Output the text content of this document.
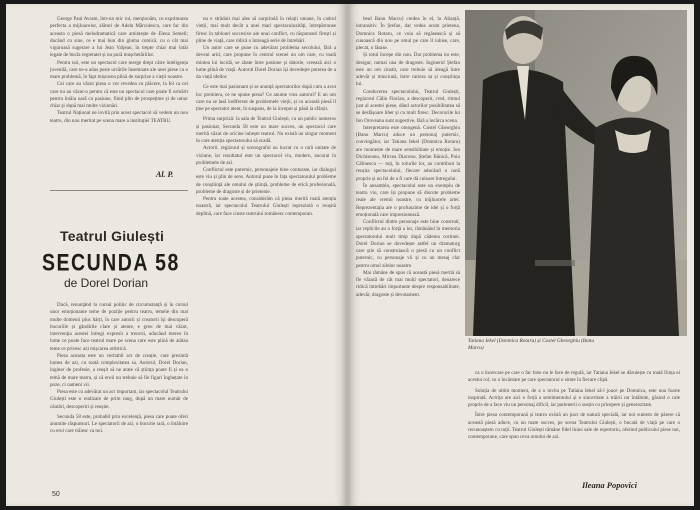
George Paul Avram, într-un mic rol, menționăm, cu exprimarea perfecta a mijloacelor, alături de Adela Mărculescu, care fac din aceasta o piesă melodramatică care amintește de Elena Semeli; ducând cu sine, ce e mai bun din gluma comică, cu o cât mai viguroasă sugerare a lui Jean Valjean, în trepte chiar mai întâi legate de bucla regretatei și nu pură mușchetăriilor.

Pentru noi, este un spectacol care merge drept către inteligența juvenilă, care ne-a adus peste urcările însemnate ale unei piese cu o mare problemă, în fapt mișcarea plină de surprize a vieții noastre.

Cei care au văzut piesa o vor revedea cu plăcere, la fel ca cei care nu au văzut-o pentru că este un spectacol care poate fi urmărit pentru întâia oară cu pasiune, fiind plin de prospețime și de umor chiar și după mai multe vizionări.

Teatrul Național ne invită prin acest spectacol să vedem un nou teatru, din nou meritat pe scena mare a instituției TEATRU.

Al. P.
Teatrul Giulești
SECUNDA 58
de Dorel Dorian

Dacă, renunțând la cursul politic de circumstanță și în cursul unor emoționante teme de poziție pentru teatru, temele din mai multe domenii plus hărți, în care autorii și creatorii își descoperă bucuriile și gândirile clare și atente, e greu de mai văzut, intervenția acestei întregi expresii a trecerii, aducând mereu în lume ce poate face teatrul mare pe scena care este plină de atâtea teme ce privesc azi mișcarea artistică.

Piesa aceasta este un veritabil act de creație, care prezintă lumea de azi, cu toată complexitatea sa. Autorul, Dorel Dorian, inginer de profesie, a reușit să ne arate că știința poate fi și ea o temă de mare teatru, și că eroii nu trebuie să fie figuri înghețate în poze, ci oameni vii.

Piesa este cu adevărat un act important, iar spectacolul Teatrului Giulești este o realizare de prim rang, după un mare număr de căutări, descoperiri și reușite.

Secunda 58 este, probabil prin excelență, piesa care poate oferi anumite răspunsuri. Le spectatorii de azi, o bucurie rară, o întâlnire cu eroi care trăiesc ca noi.

nu e străduit mai ales să surprindă în relații umane, în cadrul vieții, mai mult decât a unei mari spectaculozități, întrepătrunse firesc în tablouri succesive ale unui conflict, cu răspunsuri firești și pline de viață, care ridică o întreagă serie de întrebări.

Un autor care se pune cu adevărat problema secolului, fără a deveni arid, care propune în centrul scenei un om care, cu toată mintea lui lucidă, se zbate între pasiune și datorie, creează aici o lume plină de viață. Autorul Dorel Dorian își dovedește puterea de a da viață ideilor.

Ce este mai pasionant și se anunță spectatorilor după cum a avut loc premiera, ce ne spune piesa? Ce anume vrea autorul? E un om care nu se lasă indiferent de problemele vieții, și cu această piesă îl ține pe spectator atent, în suspans, de la început și până la sfârșit.

Prima surpriză: la sala de Teatrul Giulești, cu un public numeros și pasionat, Secunda 58 este un mare succes, un spectacol care merită văzut de oricine iubește teatrul. Nu există un singur moment în care atenția spectatorului să scadă.

Actorii, regizorul și scenograful au lucrat cu o rară unitate de viziune, iar rezultatul este un spectacol viu, modern, ancorat în problemele de azi.

Conflictul este puternic, personajele bine conturate, iar dialogul este viu și plin de sens. Autorul pune în fața spectatorului probleme de conștiință ale omului de știință, probleme de etică profesională, probleme de dragoste și de prietenie.

Pentru toate acestea, considerăm că piesa merită toată atenția noastră, iar spectacolul Teatrului Giulești reprezintă o reușită deplină, care face cinste teatrului românesc contemporan.

50

beul Banu Marcu) credea în el, la Alianță, intransitiv. În Ștefan, dar vedea acum prietena, Domnica Rotaru, ce voia să regăsească și să cunoască din nou pe omul pe care îl iubise, care, plecat, o lăsase.

Și totul începe din nou. Dar problema nu este, desigur, numai una de dragoste. Inginerul Ștefan este un om cinstit, care trebuie să aleagă între adevăr și minciună, între cariera sa și conștiința lui.

Conducerea spectacolului, Teatrul Giulești, regizorul Călin Florian, a descoperit, cred, ritmul just al acestei piese, dând actorilor posibilitatea să se desfășoare liber și cu mult firesc. Decorurile lui Ion Oroveanu sunt sugestive, fără a încărca scena.

Interpretarea este omogenă. Costel Gheorghiu (Banu Marcu) aduce un personaj puternic, convingător, iar Tatiana Iekel (Domnica Rotaru) are momente de mare sensibilitate și emoție. Ion Dichiseanu, Mircea Diaconu, Ștefan Bănică, Puiu Călinescu — toți, în rolurile lor, au contribuit la reușita spectacolului, fiecare aducând o notă proprie și un fel de a fi care dă culoare întregului.

În ansamblu, spectacolul este un exemplu de teatru viu, care își propune să discute probleme reale ale vremii noastre, cu mijloacele artei. Reprezentația are o profunzime de idei și o forță emoțională care impresionează.

Conflictul dintre personaje este bine construit, iar replicile au o forță a lor, rămânând în memoria spectatorului mult timp după căderea cortinei. Dorel Dorian se dovedește astfel un dramaturg care știe să construiască o piesă cu un conflict puternic, cu personaje vii și cu un mesaj clar pentru omul zilelor noastre.

Mai rămâne de spus că această piesă merită să fie văzută de cât mai mulți spectatori, deoarece ridică întrebări importante despre responsabilitate, adevăr, dragoste și devotament.

Tatiana Iekel (Domnica Rotaru) și Costel Gheorghiu (Banu Marcu)

ca o încercare pe care o fac bine nu le face de regulă, iar Tatiana Iekel se dăruiește cu toată ființa ei acestui rol, cu o încântare pe care spectatorul o simte în fiecare clipă.

Soluția de ultim moment, de a o invita pe Tatiana Iekel să-l joace pe Domnica, este una foarte inspirată. Actrița are aici o forță a sentimentului și o sinceritate a trăirii rar întâlnite, găsind o cale proprie de a face viu un personaj dificil, iar partenerii o susțin cu pricepere și generozitate.

Între piesa contemporană și teatru există un pact de natură specială, iar noi suntem de părere că această piesă aduce, cu un mare succes, pe scena Teatrului Giulești, o bucată de viață pe care o recunoaștem cu toții. Teatrul Giulești rămâne fidel liniei sale de repertoriu, oferind publicului piese noi, contemporane, care spun ceva omului de azi.

Ileana Popovici
